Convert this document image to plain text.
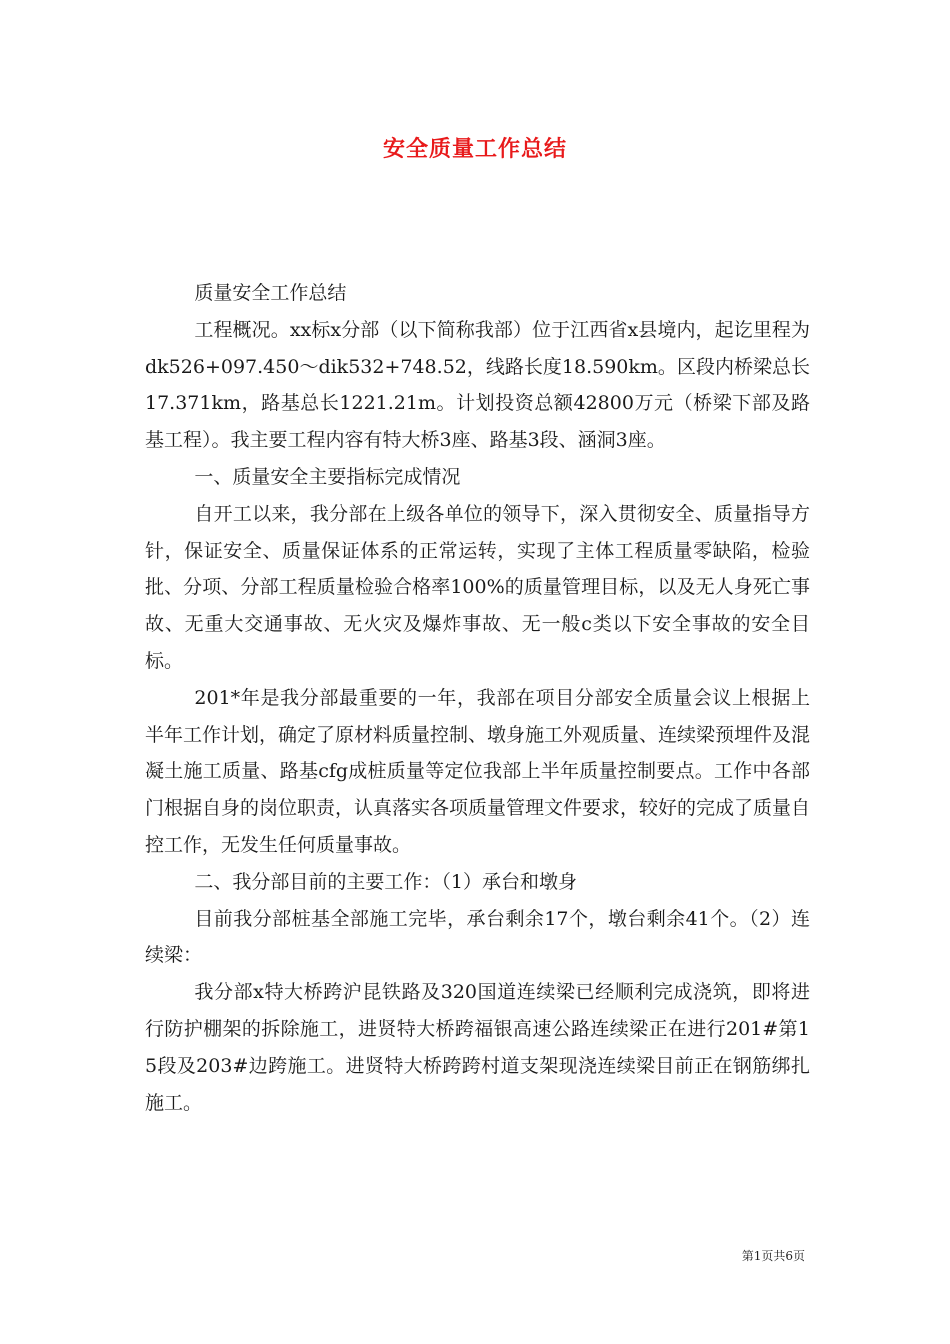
安全质量工作总结

质量安全工作总结

工程概况。xx标x分部（以下简称我部）位于江西省x县境内，起讫里程为dk526+097.450～dik532+748.52，线路长度18.590km。区段内桥梁总长17.371km，路基总长1221.21m。计划投资总额42800万元（桥梁下部及路基工程）。我主要工程内容有特大桥3座、路基3段、涵洞3座。

一、质量安全主要指标完成情况

自开工以来，我分部在上级各单位的领导下，深入贯彻安全、质量指导方针，保证安全、质量保证体系的正常运转，实现了主体工程质量零缺陷，检验批、分项、分部工程质量检验合格率100%的质量管理目标，以及无人身死亡事故、无重大交通事故、无火灾及爆炸事故、无一般c类以下安全事故的安全目标。

201*年是我分部最重要的一年，我部在项目分部安全质量会议上根据上半年工作计划，确定了原材料质量控制、墩身施工外观质量、连续梁预埋件及混凝土施工质量、路基cfg成桩质量等定位我部上半年质量控制要点。工作中各部门根据自身的岗位职责，认真落实各项质量管理文件要求，较好的完成了质量自控工作，无发生任何质量事故。

二、我分部目前的主要工作：（1）承台和墩身

目前我分部桩基全部施工完毕，承台剩余17个，墩台剩余41个。（2）连续梁：

我分部x特大桥跨沪昆铁路及320国道连续梁已经顺利完成浇筑，即将进行防护棚架的拆除施工，进贤特大桥跨福银高速公路连续梁正在进行201#第15段及203#边跨施工。进贤特大桥跨跨村道支架现浇连续梁目前正在钢筋绑扎施工。

第1页共6页
